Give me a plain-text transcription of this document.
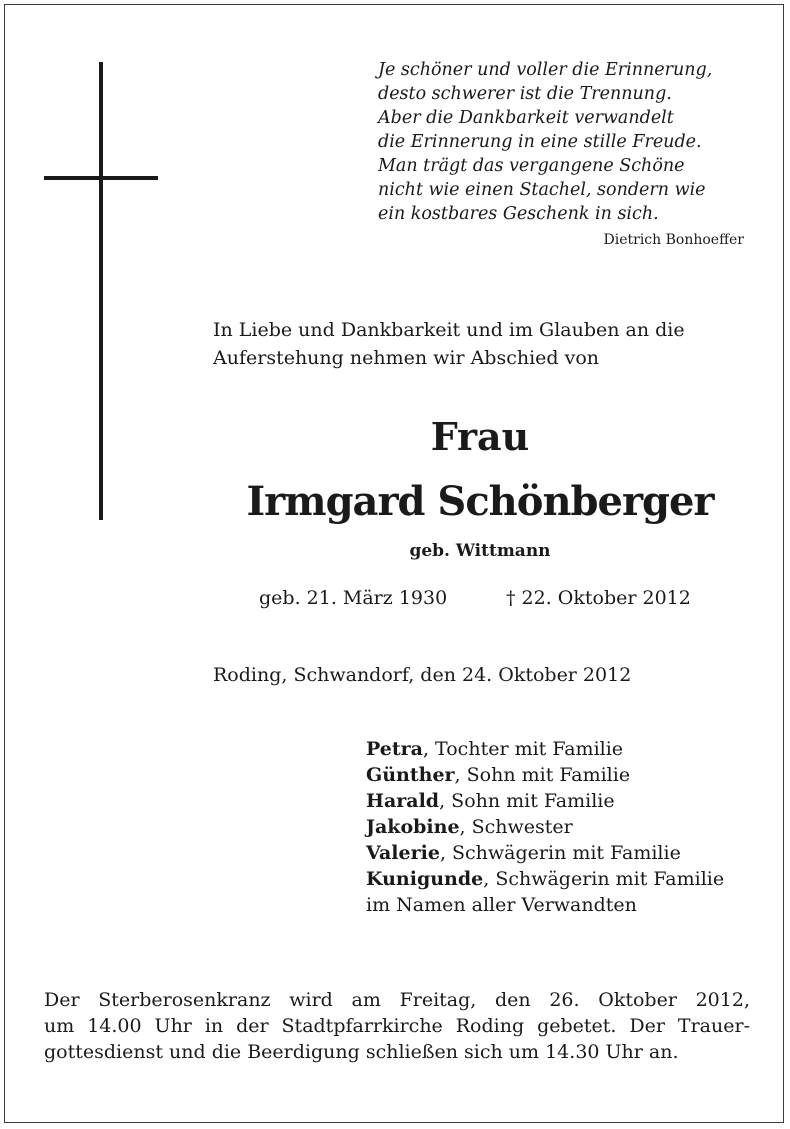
Je schöner und voller die Erinnerung,
desto schwerer ist die Trennung.
Aber die Dankbarkeit verwandelt
die Erinnerung in eine stille Freude.
Man trägt das vergangene Schöne
nicht wie einen Stachel, sondern wie
ein kostbares Geschenk in sich.
Dietrich Bonhoeffer
In Liebe und Dankbarkeit und im Glauben an die
Auferstehung nehmen wir Abschied von
Frau
Irmgard Schönberger
geb. Wittmann
geb. 21. März 1930	† 22. Oktober 2012
Roding, Schwandorf, den 24. Oktober 2012
Petra, Tochter mit Familie
Günther, Sohn mit Familie
Harald, Sohn mit Familie
Jakobine, Schwester
Valerie, Schwägerin mit Familie
Kunigunde, Schwägerin mit Familie
im Namen aller Verwandten
Der Sterberosenkranz wird am Freitag, den 26. Oktober 2012,
um 14.00 Uhr in der Stadtpfarrkirche Roding gebetet. Der Trauer-
gottesdienst und die Beerdigung schließen sich um 14.30 Uhr an.
